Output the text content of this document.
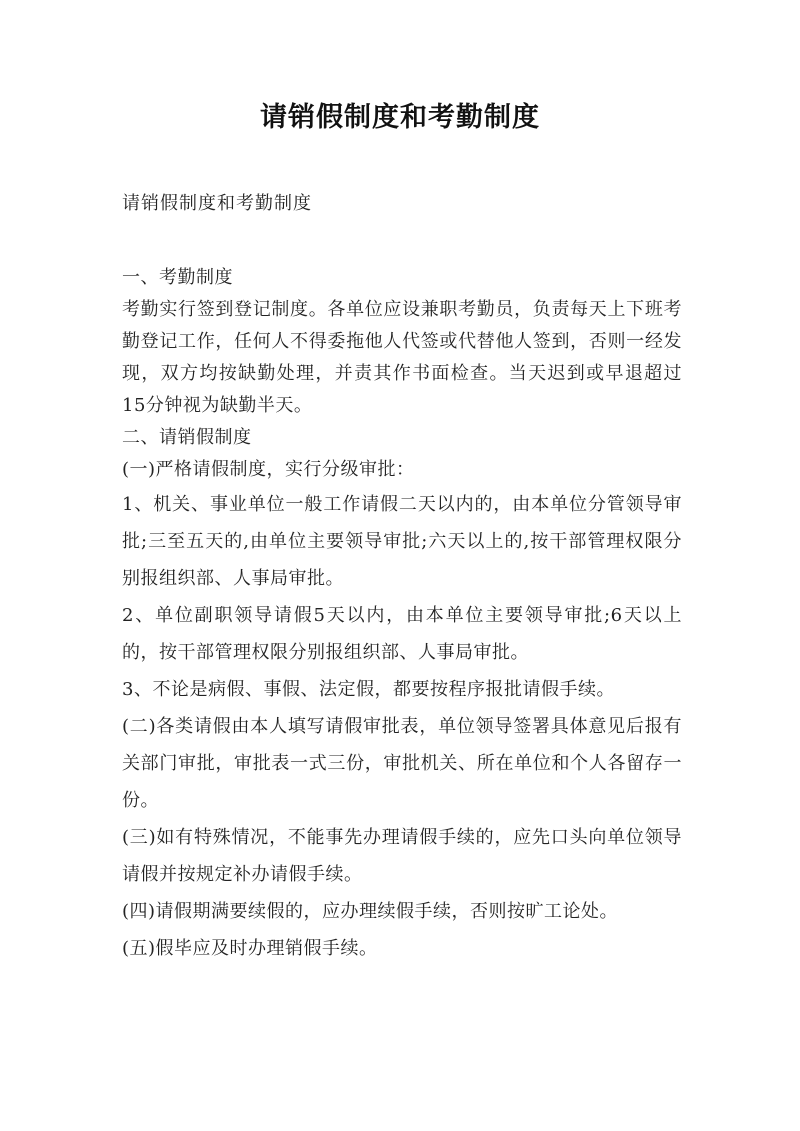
请销假制度和考勤制度
请销假制度和考勤制度

一、考勤制度

考勤实行签到登记制度。各单位应设兼职考勤员，负责每天上下班考勤登记工作，任何人不得委拖他人代签或代替他人签到，否则一经发现，双方均按缺勤处理，并责其作书面检查。当天迟到或早退超过15分钟视为缺勤半天。

二、请销假制度

(一)严格请假制度，实行分级审批：

1、机关、事业单位一般工作请假二天以内的，由本单位分管领导审批;三至五天的,由单位主要领导审批;六天以上的,按干部管理权限分别报组织部、人事局审批。

2、单位副职领导请假5天以内，由本单位主要领导审批;6天以上的，按干部管理权限分别报组织部、人事局审批。

3、不论是病假、事假、法定假，都要按程序报批请假手续。

(二)各类请假由本人填写请假审批表，单位领导签署具体意见后报有关部门审批，审批表一式三份，审批机关、所在单位和个人各留存一份。

(三)如有特殊情况，不能事先办理请假手续的，应先口头向单位领导请假并按规定补办请假手续。

(四)请假期满要续假的，应办理续假手续，否则按旷工论处。

(五)假毕应及时办理销假手续。
